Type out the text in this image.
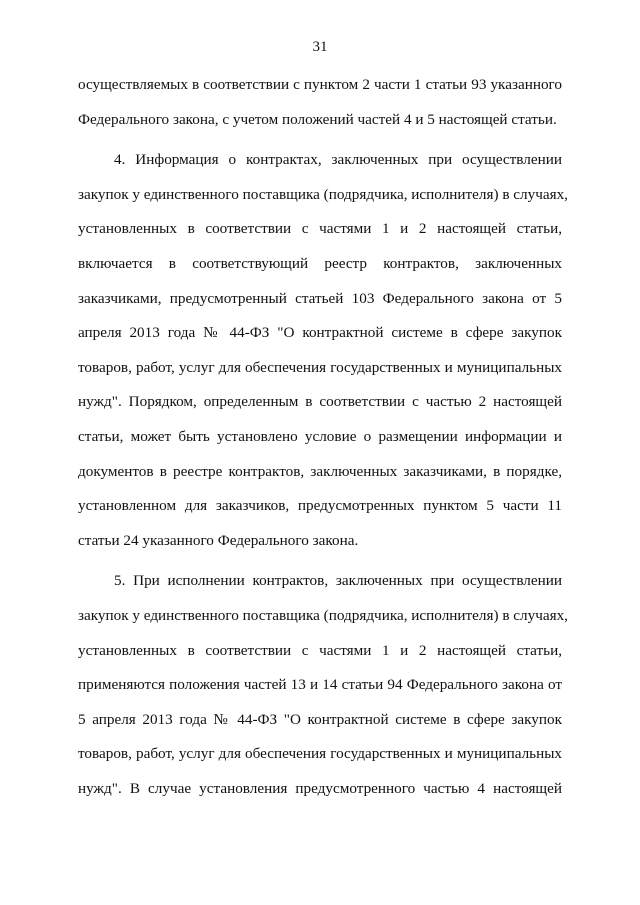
31
осуществляемых в соответствии с пунктом 2 части 1 статьи 93 указанного
Федерального закона, с учетом положений частей 4 и 5 настоящей статьи.
4. Информация о контрактах, заключенных при осуществлении
закупок у единственного поставщика (подрядчика, исполнителя) в случаях,
установленных в соответствии с частями 1 и 2 настоящей статьи,
включается в соответствующий реестр контрактов, заключенных
заказчиками, предусмотренный статьей 103 Федерального закона от 5
апреля 2013 года № 44-ФЗ "О контрактной системе в сфере закупок
товаров, работ, услуг для обеспечения государственных и муниципальных
нужд". Порядком, определенным в соответствии с частью 2 настоящей
статьи, может быть установлено условие о размещении информации и
документов в реестре контрактов, заключенных заказчиками, в порядке,
установленном для заказчиков, предусмотренных пунктом 5 части 11
статьи 24 указанного Федерального закона.
5. При исполнении контрактов, заключенных при осуществлении
закупок у единственного поставщика (подрядчика, исполнителя) в случаях,
установленных в соответствии с частями 1 и 2 настоящей статьи,
применяются положения частей 13 и 14 статьи 94 Федерального закона от
5 апреля 2013 года № 44-ФЗ "О контрактной системе в сфере закупок
товаров, работ, услуг для обеспечения государственных и муниципальных
нужд". В случае установления предусмотренного частью 4 настоящей
